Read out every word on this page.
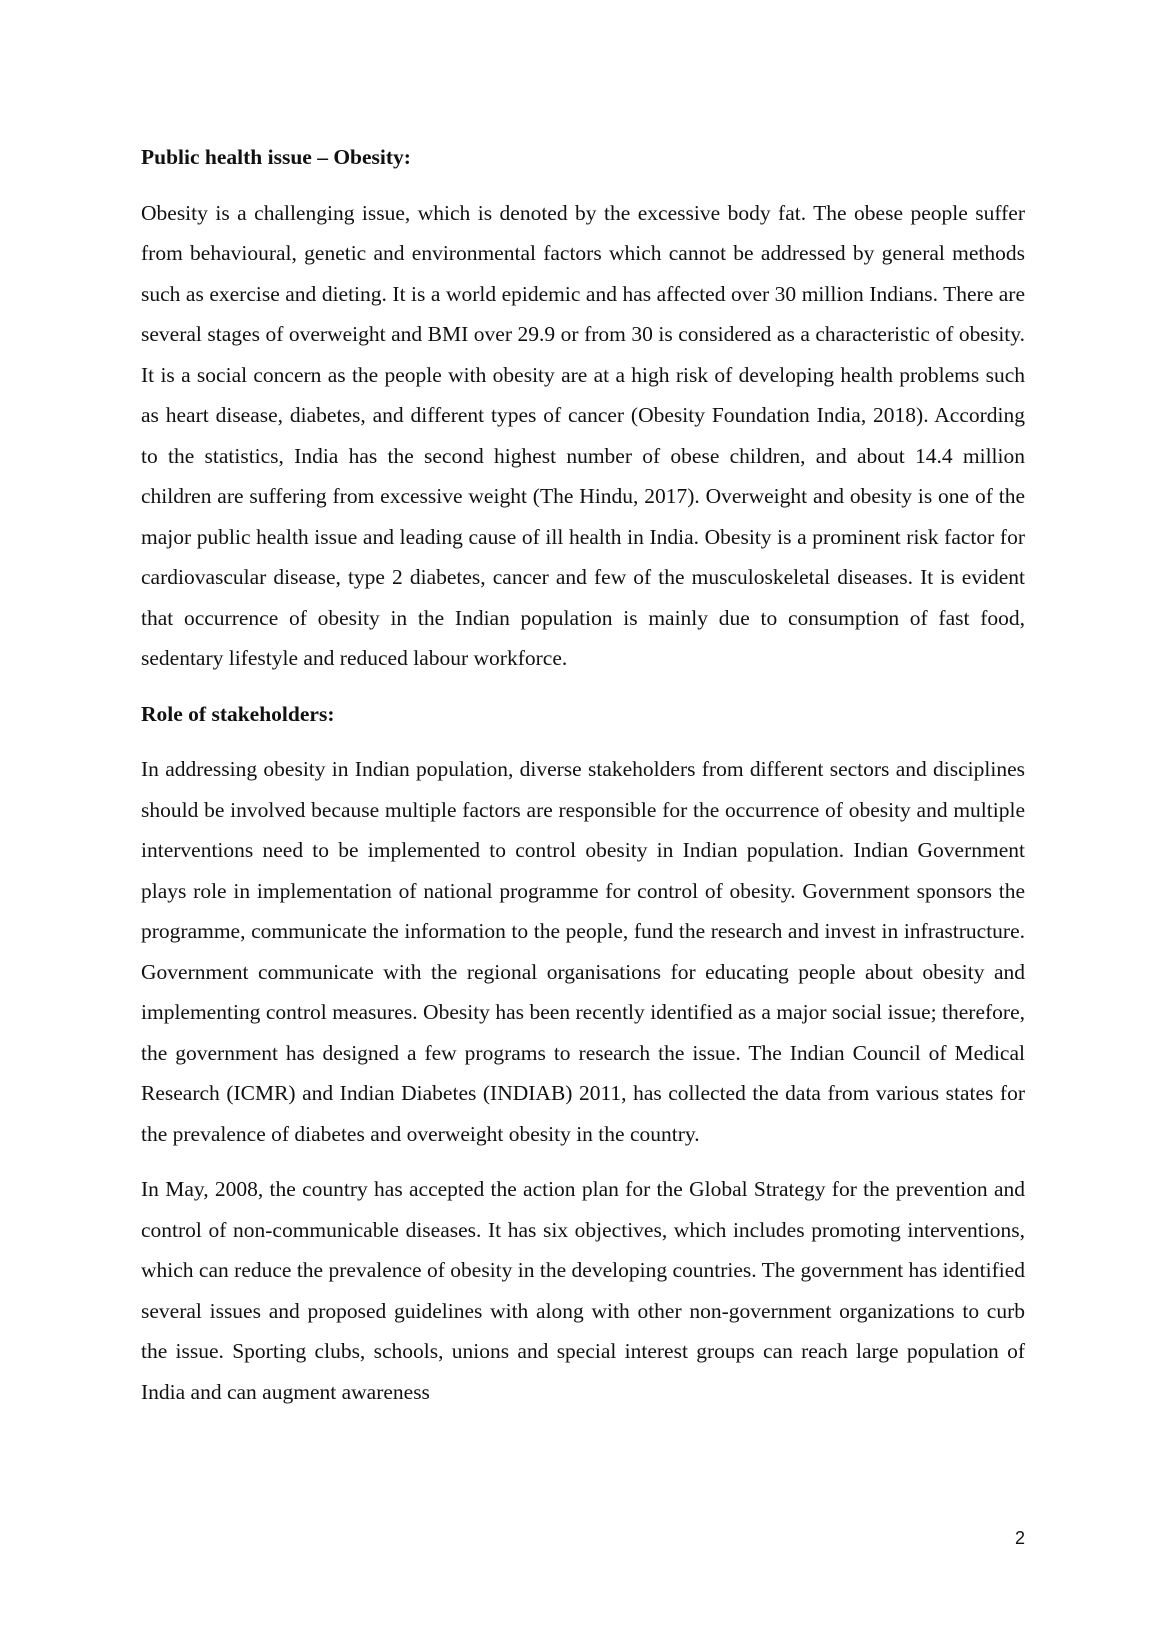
Public health issue – Obesity:

Obesity is a challenging issue, which is denoted by the excessive body fat. The obese people suffer from behavioural, genetic and environmental factors which cannot be addressed by general methods such as exercise and dieting. It is a world epidemic and has affected over 30 million Indians. There are several stages of overweight and BMI over 29.9 or from 30 is considered as a characteristic of obesity. It is a social concern as the people with obesity are at a high risk of developing health problems such as heart disease, diabetes, and different types of cancer (Obesity Foundation India, 2018). According to the statistics, India has the second highest number of obese children, and about 14.4 million children are suffering from excessive weight (The Hindu, 2017). Overweight and obesity is one of the major public health issue and leading cause of ill health in India. Obesity is a prominent risk factor for cardiovascular disease, type 2 diabetes, cancer and few of the musculoskeletal diseases. It is evident that occurrence of obesity in the Indian population is mainly due to consumption of fast food, sedentary lifestyle and reduced labour workforce.

Role of stakeholders:

In addressing obesity in Indian population, diverse stakeholders from different sectors and disciplines should be involved because multiple factors are responsible for the occurrence of obesity and multiple interventions need to be implemented to control obesity in Indian population. Indian Government plays role in implementation of national programme for control of obesity. Government sponsors the programme, communicate the information to the people, fund the research and invest in infrastructure. Government communicate with the regional organisations for educating people about obesity and implementing control measures. Obesity has been recently identified as a major social issue; therefore, the government has designed a few programs to research the issue. The Indian Council of Medical Research (ICMR) and Indian Diabetes (INDIAB) 2011, has collected the data from various states for the prevalence of diabetes and overweight obesity in the country.

In May, 2008, the country has accepted the action plan for the Global Strategy for the prevention and control of non-communicable diseases. It has six objectives, which includes promoting interventions, which can reduce the prevalence of obesity in the developing countries. The government has identified several issues and proposed guidelines with along with other non-government organizations to curb the issue. Sporting clubs, schools, unions and special interest groups can reach large population of India and can augment awareness

2
